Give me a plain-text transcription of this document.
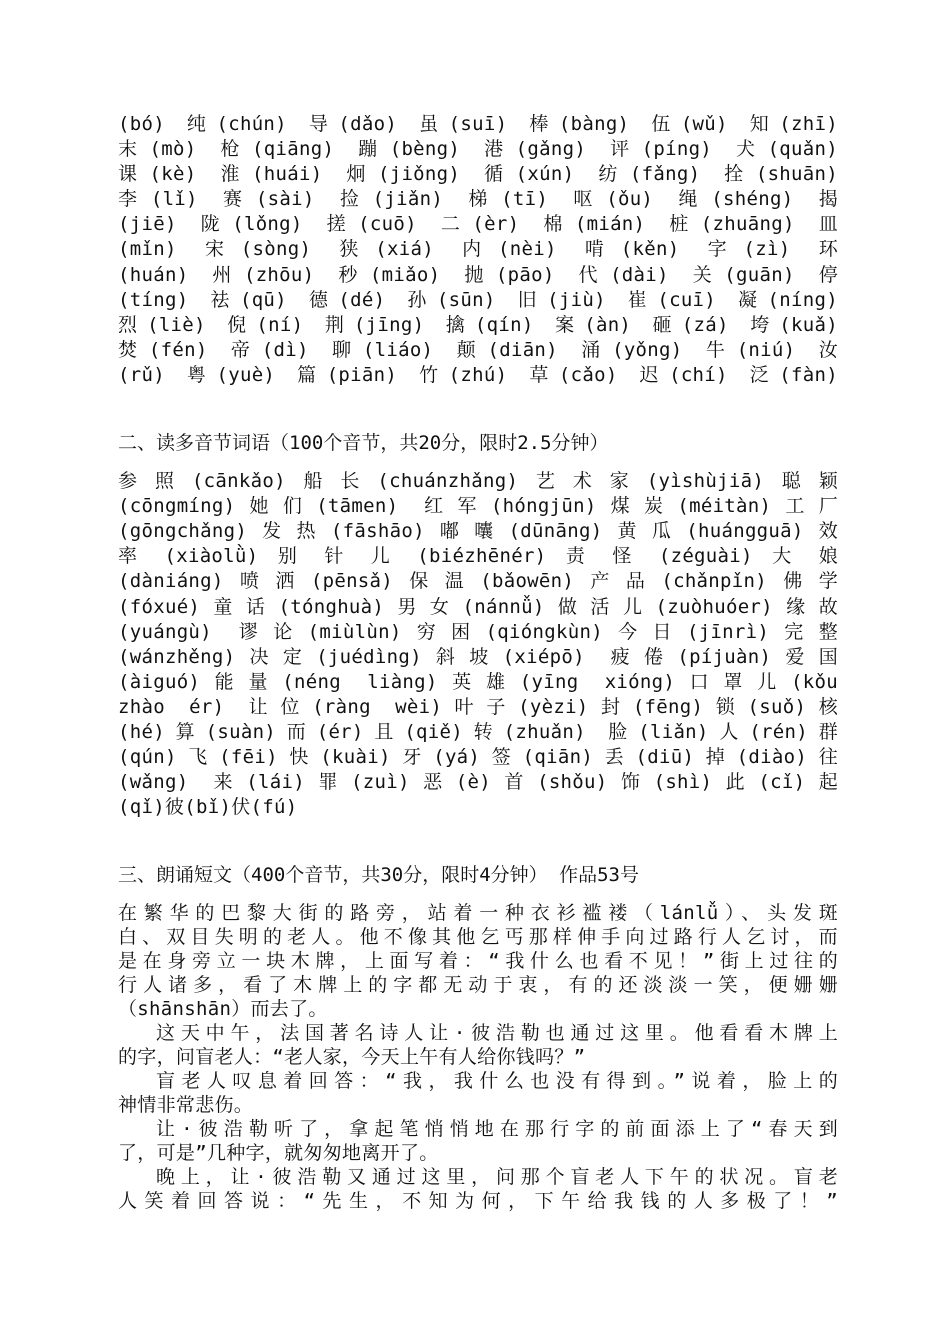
(bó) 纯(chún) 导(dǎo) 虽(suī) 棒(bàng) 伍(wǔ) 知(zhī)
末(mò) 枪(qiāng) 蹦(bèng) 港(gǎng) 评(píng) 犬(quǎn)
课(kè) 淮(huái) 炯(jiǒng) 循(xún) 纺(fǎng) 拴(shuān)
李(lǐ) 赛(sài) 捡(jiǎn) 梯(tī) 呕(ǒu) 绳(shéng) 揭
(jiē) 陇(lǒng) 搓(cuō) 二(èr) 棉(mián) 桩(zhuāng) 皿
(mǐn) 宋(sòng) 狭(xiá) 内(nèi) 啃(kěn) 字(zì) 环
(huán) 州(zhōu) 秒(miǎo) 抛(pāo) 代(dài) 关(guān) 停
(tíng) 祛(qū) 德(dé) 孙(sūn) 旧(jiù) 崔(cuī) 凝(níng)
烈(liè) 倪(ní) 荆(jīng) 擒(qín) 案(àn) 砸(zá) 垮(kuǎ)
焚(fén) 帝(dì) 聊(liáo) 颠(diān) 涌(yǒng) 牛(niú) 汝
(rǔ) 粤(yuè) 篇(piān) 竹(zhú) 草(cǎo) 迟(chí) 泛(fàn)
二、读多音节词语（100个音节，共20分，限时2.5分钟）
参照(cānkǎo)船长(chuánzhǎng)艺术家(yìshùjiā)聪颖
(cōngmíng)她们(tāmen) 红军(hóngjūn)煤炭(méitàn)工厂
(gōngchǎng)发热(fāshāo)嘟囔(dūnāng)黄瓜(huángguā)效
率 (xiàolǜ) 别 针 儿 (biézhēnér) 责 怪 (zéguài) 大 娘
(dàniáng)喷洒(pēnsǎ)保温(bǎowēn)产品(chǎnpǐn)佛学
(fóxué)童话(tónghuà)男女(nánnǚ)做活儿(zuòhuóer)缘故
(yuángù) 谬论(miùlùn)穷困(qióngkùn)今日(jīnrì)完整
(wánzhěng)决定(juédìng)斜坡(xiépō) 疲倦(píjuàn)爱国
(àiguó)能量(néng liàng)英雄(yīng xióng)口罩儿(kǒu
zhào ér) 让位(ràng wèi)叶子(yèzi)封(fēng)锁(suǒ)核
(hé)算(suàn)而(ér)且(qiě)转(zhuǎn) 脸(liǎn)人(rén)群
(qún)飞(fēi)快(kuài)牙(yá)签(qiān)丢(diū)掉(diào)往
(wǎng) 来(lái)罪(zuì)恶(è)首(shǒu)饰(shì)此(cǐ)起
(qǐ)彼(bǐ)伏(fú)
三、朗诵短文（400个音节，共30分，限时4分钟） 作品53号
在繁华的巴黎大街的路旁，站着一种衣衫褴褛（lánlǚ）、头发斑
白、双目失明的老人。他不像其他乞丐那样伸手向过路行人乞讨，而
是在身旁立一块木牌，上面写着：“我什么也看不见！”街上过往的
行人诸多，看了木牌上的字都无动于衷，有的还淡淡一笑，便姗姗
（shānshān）而去了。
这天中午，法国著名诗人让·彼浩勒也通过这里。他看看木牌上
的字，问盲老人：“老人家，今天上午有人给你钱吗？”
盲老人叹息着回答：“我，我什么也没有得到。”说着，脸上的
神情非常悲伤。
让·彼浩勒听了，拿起笔悄悄地在那行字的前面添上了“春天到
了，可是”几种字，就匆匆地离开了。
晚上，让·彼浩勒又通过这里，问那个盲老人下午的状况。盲老
人笑着回答说：“先生，不知为何，下午给我钱的人多极了！”
